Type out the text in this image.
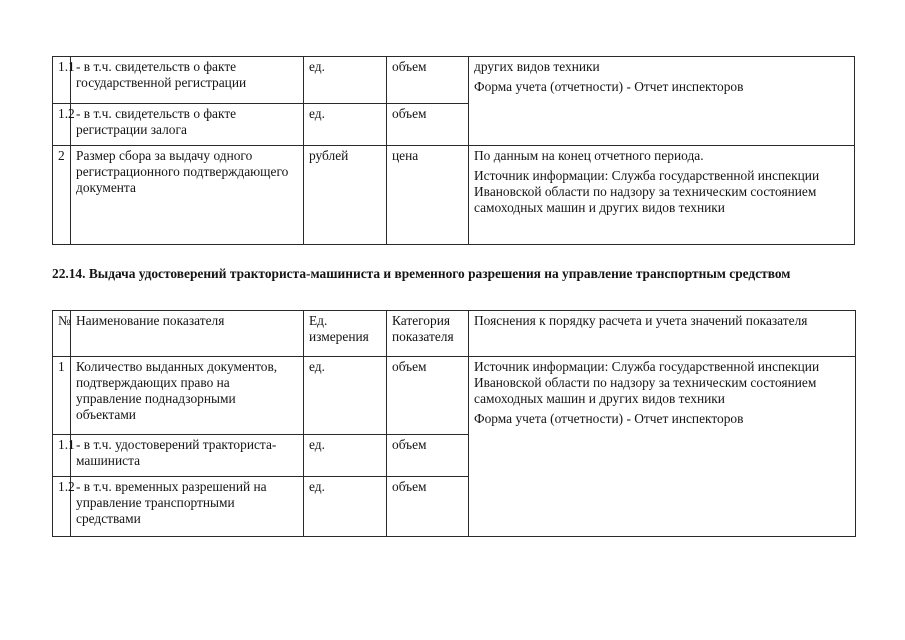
1.1	- в т.ч. свидетельств о факте государственной регистрации	ед.	объем	других видов техники
Форма учета (отчетности) - Отчет инспекторов

1.2	- в т.ч. свидетельств о факте регистрации залога	ед.	объем	
2	Размер сбора за выдачу одного регистрационного подтверждающего документа	рублей	цена	По данным на конец отчетного периода.
Источник информации: Служба государственной инспекции Ивановской области по надзору за техническим состоянием самоходных машин и других видов техники
22.14. Выдача удостоверений тракториста-машиниста и временного разрешения на управление транспортным средством
№	Наименование показателя	Ед. измерения	Категория показателя	Пояснения к порядку расчета и учета значений показателя
1	Количество выданных документов, подтверждающих право на управление поднадзорными объектами	ед.	объем	Источник информации: Служба государственной инспекции Ивановской области по надзору за техническим состоянием самоходных машин и других видов техники
Форма учета (отчетности) - Отчет инспекторов

1.1	- в т.ч. удостоверений тракториста-машиниста	ед.	объем	
1.2	- в т.ч. временных разрешений на управление транспортными средствами	ед.	объем	
